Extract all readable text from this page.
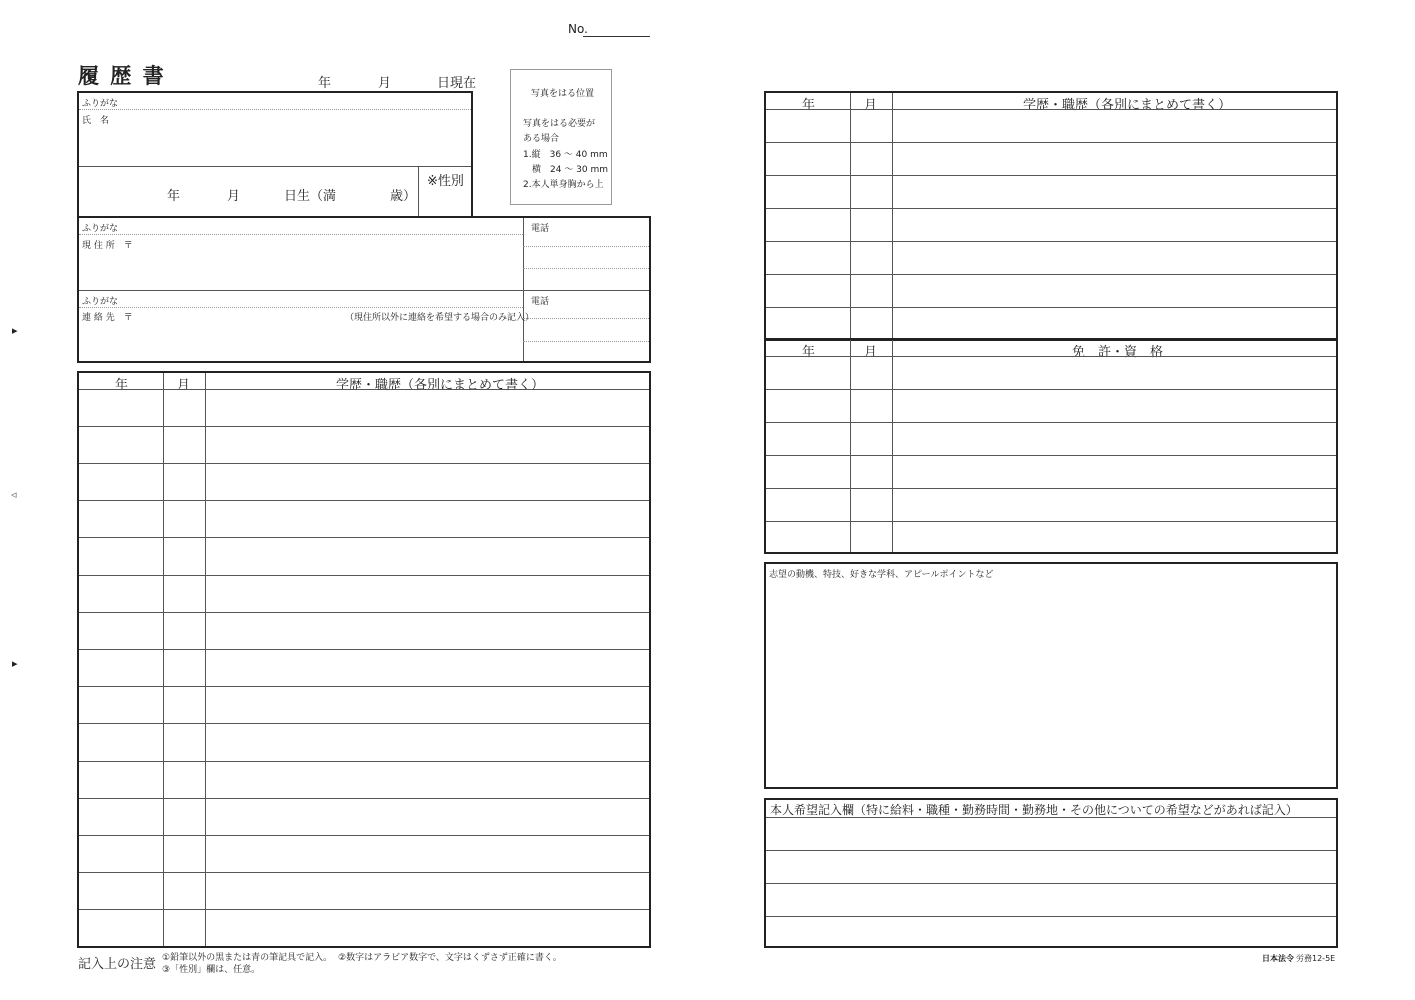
▸
◃
▸
No.
履 歴 書	年	月	日現在
写真をはる位置
写真をはる必要が
ある場合
1.縦　36 ～ 40 mm
　横　24 ～ 30 mm
2.本人単身胸から上
ふりがな
氏　名
年	月	日生（満	歳）
※性別
ふりがな
現 住 所　〒
電話
ふりがな
連 絡 先　〒	（現住所以外に連絡を希望する場合のみ記入）
電話
年	月	学歴・職歴（各別にまとめて書く）
記入上の注意 ①鉛筆以外の黒または青の筆記具で記入。 ②数字はアラビア数字で、文字はくずさず正確に書く。
③「性別」欄は、任意。
年	月	学歴・職歴（各別にまとめて書く）
年	月	免　許・資　格
志望の動機、特技、好きな学科、アピールポイントなど
本人希望記入欄（特に給料・職種・勤務時間・勤務地・その他についての希望などがあれば記入）
日本法令 労務12-5E
